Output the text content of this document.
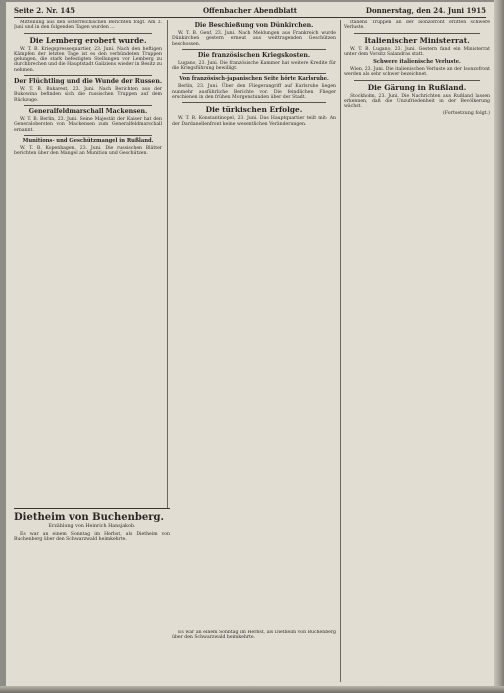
Seite 2. Nr. 145	Offenbacher Abendblatt	Donnerstag, den 24. Juni 1915

Mitteilung aus den österreichischen Berichten folgt. Am 3. Juni und in den folgenden Tagen wurden ...

Die Lemberg erobert wurde.

W. T. B. Kriegspressequartier, 23. Juni. Nach den heftigen Kämpfen der letzten Tage ist es den verbündeten Truppen gelungen, die stark befestigten Stellungen vor Lemberg zu durchbrechen und die Hauptstadt Galiziens wieder in Besitz zu nehmen.

Der Flüchtling und die Wunde der Russen.

W. T. B. Bukarest, 23. Juni. Nach Berichten aus der Bukowina befinden sich die russischen Truppen auf dem Rückzuge.

Generalfeldmarschall Mackensen.

W. T. B. Berlin, 23. Juni. Seine Majestät der Kaiser hat den Generalobersten von Mackensen zum Generalfeldmarschall ernannt.

Munitions- und Geschützmangel in Rußland.

W. T. B. Kopenhagen, 23. Juni. Die russischen Blätter berichten über den Mangel an Munition und Geschützen.

Die Beschießung von Dünkirchen.

W. T. B. Genf, 23. Juni. Nach Meldungen aus Frankreich wurde Dünkirchen gestern erneut aus weittragenden Geschützen beschossen.

Die französischen Kriegskosten.

Lugano, 23. Juni. Die französische Kammer hat weitere Kredite für die Kriegsführung bewilligt.

Von französisch-japanischen Seite hörte Karlsruhe.

Berlin, 23. Juni. Über den Fliegerangriff auf Karlsruhe liegen nunmehr ausführliche Berichte vor. Die feindlichen Flieger erschienen in den frühen Morgenstunden über der Stadt.

Die türkischen Erfolge.

W. T. B. Konstantinopel, 23. Juni. Das Hauptquartier teilt mit: An der Dardanellenfront keine wesentlichen Veränderungen.

Italiens Truppen an der Isonzofront erlitten schwere Verluste.

Italienischer Ministerrat.

W. T. B. Lugano, 23. Juni. Gestern fand ein Ministerrat unter dem Vorsitz Salandras statt.

Schwere italienische Verluste.

Wien, 23. Juni. Die italienischen Verluste an der Isonzofront werden als sehr schwer bezeichnet.

Die Gärung in Rußland.

Stockholm, 23. Juni. Die Nachrichten aus Rußland lassen erkennen, daß die Unzufriedenheit in der Bevölkerung wächst.

(Fortsetzung folgt.)
Dietheim von Buchenberg.
Erzählung von Heinrich Hansjakob.

Es war an einem Sonntag im Herbst, als Dietheim von Buchenberg über den Schwarzwald heimkehrte.

Es war an einem Sonntag im Herbst, als Dietheim von Buchenberg über den Schwarzwald heimkehrte.
